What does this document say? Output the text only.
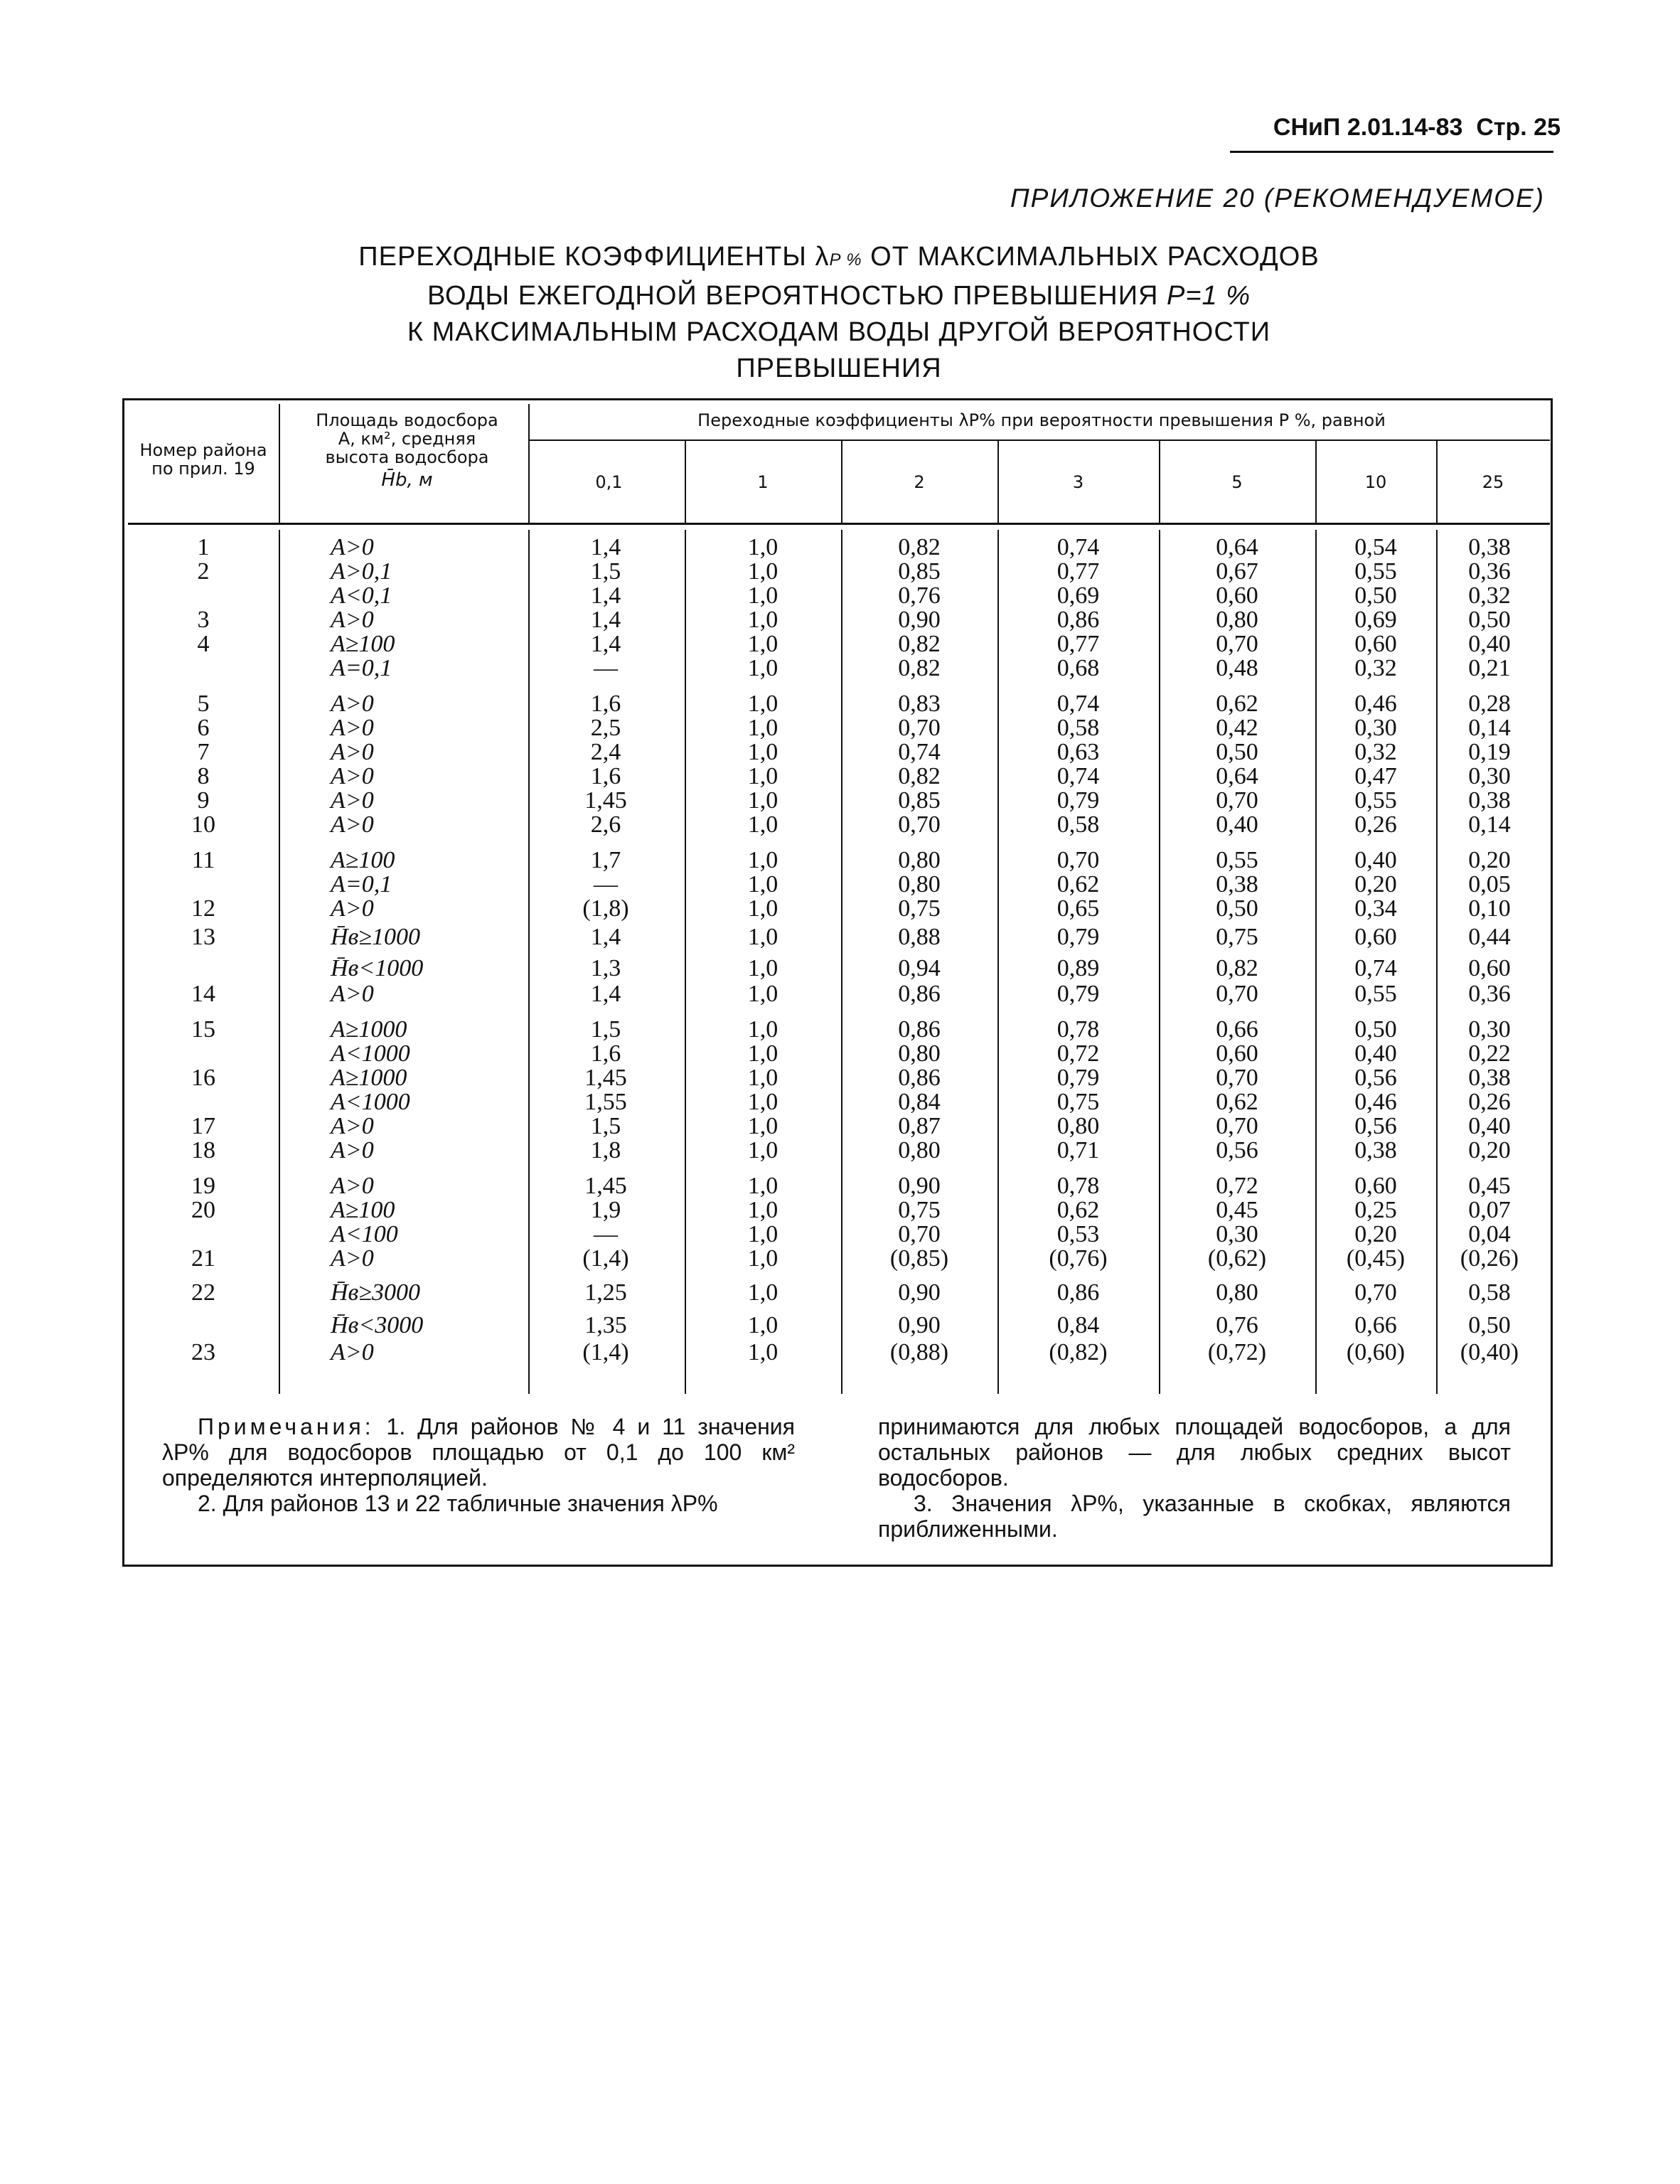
СНиП 2.01.14-83 Стр. 25
ПРИЛОЖЕНИЕ 20 (РЕКОМЕНДУЕМОЕ)
ПЕРЕХОДНЫЕ КОЭФФИЦИЕНТЫ λP % ОТ МАКСИМАЛЬНЫХ РАСХОДОВ
ВОДЫ ЕЖЕГОДНОЙ ВЕРОЯТНОСТЬЮ ПРЕВЫШЕНИЯ P=1 %
К МАКСИМАЛЬНЫМ РАСХОДАМ ВОДЫ ДРУГОЙ ВЕРОЯТНОСТИ
ПРЕВЫШЕНИЯ
Номер района по прил. 19
Площадь водосбора
А, км², средняя
высота водосбора
H̄b, м
Переходные коэффициенты λP% при вероятности превышения P %, равной
0,1	1	2	3	5	10	25
1	A>0	1,4	1,0	0,82	0,74	0,64	0,54	0,38
2	A>0,1	1,5	1,0	0,85	0,77	0,67	0,55	0,36
A<0,1	1,4	1,0	0,76	0,69	0,60	0,50	0,32
3	A>0	1,4	1,0	0,90	0,86	0,80	0,69	0,50
4	A≥100	1,4	1,0	0,82	0,77	0,70	0,60	0,40
A=0,1	—	1,0	0,82	0,68	0,48	0,32	0,21
5	A>0	1,6	1,0	0,83	0,74	0,62	0,46	0,28
6	A>0	2,5	1,0	0,70	0,58	0,42	0,30	0,14
7	A>0	2,4	1,0	0,74	0,63	0,50	0,32	0,19
8	A>0	1,6	1,0	0,82	0,74	0,64	0,47	0,30
9	A>0	1,45	1,0	0,85	0,79	0,70	0,55	0,38
10	A>0	2,6	1,0	0,70	0,58	0,40	0,26	0,14
11	A≥100	1,7	1,0	0,80	0,70	0,55	0,40	0,20
A=0,1	—	1,0	0,80	0,62	0,38	0,20	0,05
12	A>0	(1,8)	1,0	0,75	0,65	0,50	0,34	0,10
13	H̄в≥1000	1,4	1,0	0,88	0,79	0,75	0,60	0,44
H̄в<1000	1,3	1,0	0,94	0,89	0,82	0,74	0,60
14	A>0	1,4	1,0	0,86	0,79	0,70	0,55	0,36
15	A≥1000	1,5	1,0	0,86	0,78	0,66	0,50	0,30
A<1000	1,6	1,0	0,80	0,72	0,60	0,40	0,22
16	A≥1000	1,45	1,0	0,86	0,79	0,70	0,56	0,38
A<1000	1,55	1,0	0,84	0,75	0,62	0,46	0,26
17	A>0	1,5	1,0	0,87	0,80	0,70	0,56	0,40
18	A>0	1,8	1,0	0,80	0,71	0,56	0,38	0,20
19	A>0	1,45	1,0	0,90	0,78	0,72	0,60	0,45
20	A≥100	1,9	1,0	0,75	0,62	0,45	0,25	0,07
A<100	—	1,0	0,70	0,53	0,30	0,20	0,04
21	A>0	(1,4)	1,0	(0,85)	(0,76)	(0,62)	(0,45)	(0,26)
22	H̄в≥3000	1,25	1,0	0,90	0,86	0,80	0,70	0,58
H̄в<3000	1,35	1,0	0,90	0,84	0,76	0,66	0,50
23	A>0	(1,4)	1,0	(0,88)	(0,82)	(0,72)	(0,60)	(0,40)

Примечания: 1. Для районов № 4 и 11 значения λP% для водосборов площадью от 0,1 до 100 км² определяются интерполяцией.

2. Для районов 13 и 22 табличные значения λP%

принимаются для любых площадей водосборов, а для остальных районов — для любых средних высот водосборов.

3. Значения λP%, указанные в скобках, являются приближенными.
